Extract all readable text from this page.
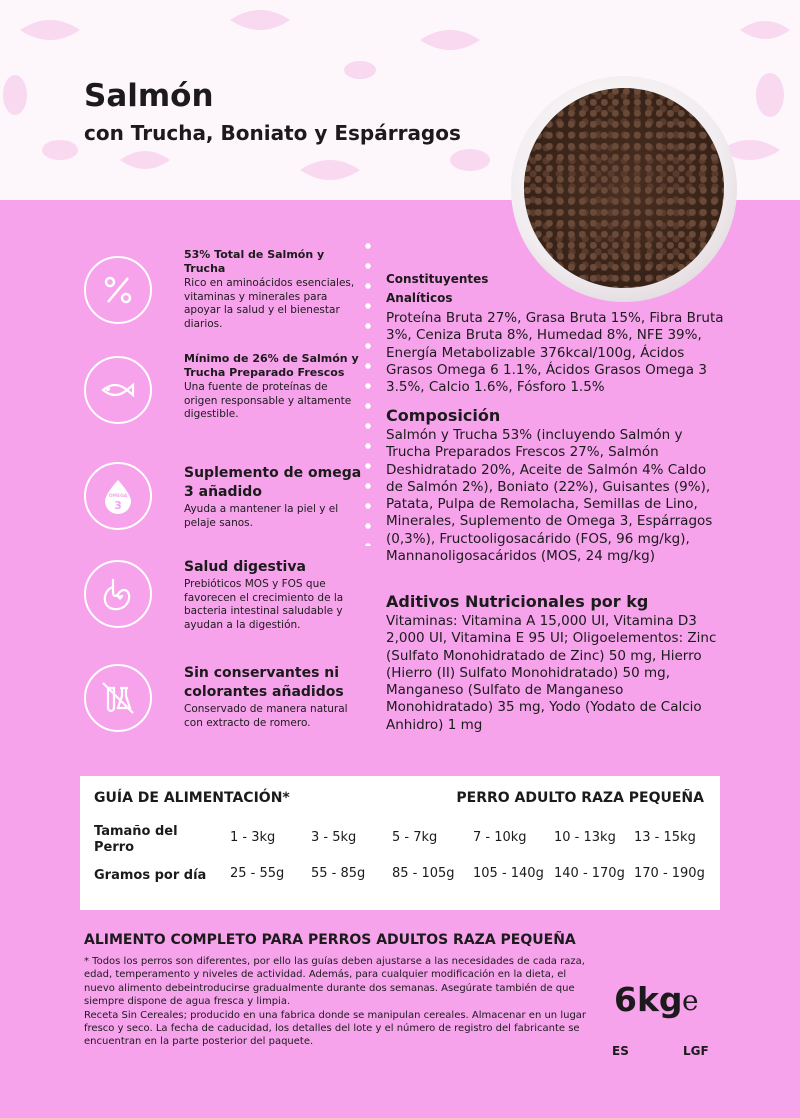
Salmón
con Trucha, Boniato y Espárragos
53% Total de Salmón y Trucha
Rico en aminoácidos esenciales, vitaminas y minerales para apoyar la salud y el bienestar diarios.
Mínimo de 26% de Salmón y Trucha Preparado Frescos
Una fuente de proteínas de origen responsable y altamente digestible.
OMEGA
3
Suplemento de omega 3 añadido
Ayuda a mantener la piel y el pelaje sanos.
Salud digestiva
Prebióticos MOS y FOS que favorecen el crecimiento de la bacteria intestinal saludable y ayudan a la digestión.
Sin conservantes ni colorantes añadidos
Conservado de manera natural con extracto de romero.
Constituyentes Analíticos
Proteína Bruta 27%, Grasa Bruta 15%, Fibra Bruta 3%, Ceniza Bruta 8%, Humedad 8%, NFE 39%, Energía Metabolizable 376kcal/100g, Ácidos Grasos Omega 6 1.1%, Ácidos Grasos Omega 3 3.5%, Calcio 1.6%, Fósforo 1.5%
Composición
Salmón y Trucha 53% (incluyendo Salmón y Trucha Preparados Frescos 27%, Salmón Deshidratado 20%, Aceite de Salmón 4% Caldo de Salmón 2%), Boniato (22%), Guisantes (9%), Patata, Pulpa de Remolacha, Semillas de Lino, Minerales, Suplemento de Omega 3, Espárragos (0,3%), Fructooligosacárido (FOS, 96 mg/kg), Mannanoligosacáridos (MOS, 24 mg/kg)
Aditivos Nutricionales por kg
Vitaminas: Vitamina A 15,000 UI, Vitamina D3 2,000 UI, Vitamina E 95 UI; Oligoelementos: Zinc (Sulfato Monohidratado de Zinc) 50 mg, Hierro (Hierro (II) Sulfato Monohidratado) 50 mg, Manganeso (Sulfato de Manganeso Monohidratado) 35 mg, Yodo (Yodato de Calcio Anhidro) 1 mg
GUÍA DE ALIMENTACIÓN*	PERRO ADULTO RAZA PEQUEÑA
Tamaño del Perro
1 - 3kg	3 - 5kg	5 - 7kg	7 - 10kg	10 - 13kg	13 - 15kg
Gramos por día 25 - 55g	55 - 85g	85 - 105g	105 - 140g 140 - 170g 170 - 190g
ALIMENTO COMPLETO PARA PERROS ADULTOS RAZA PEQUEÑA
* Todos los perros son diferentes, por ello las guías deben ajustarse a las necesidades de cada raza, edad, temperamento y niveles de actividad. Además, para cualquier modificación en la dieta, el nuevo alimento debeintroducirse gradualmente durante dos semanas. Asegúrate también de que siempre dispone de agua fresca y limpia.
Receta Sin Cereales; producido en una fabrica donde se manipulan cereales. Almacenar en un lugar fresco y seco. La fecha de caducidad, los detalles del lote y el número de registro del fabricante se encuentran en la parte posterior del paquete.
6kg e
ES	LGF
